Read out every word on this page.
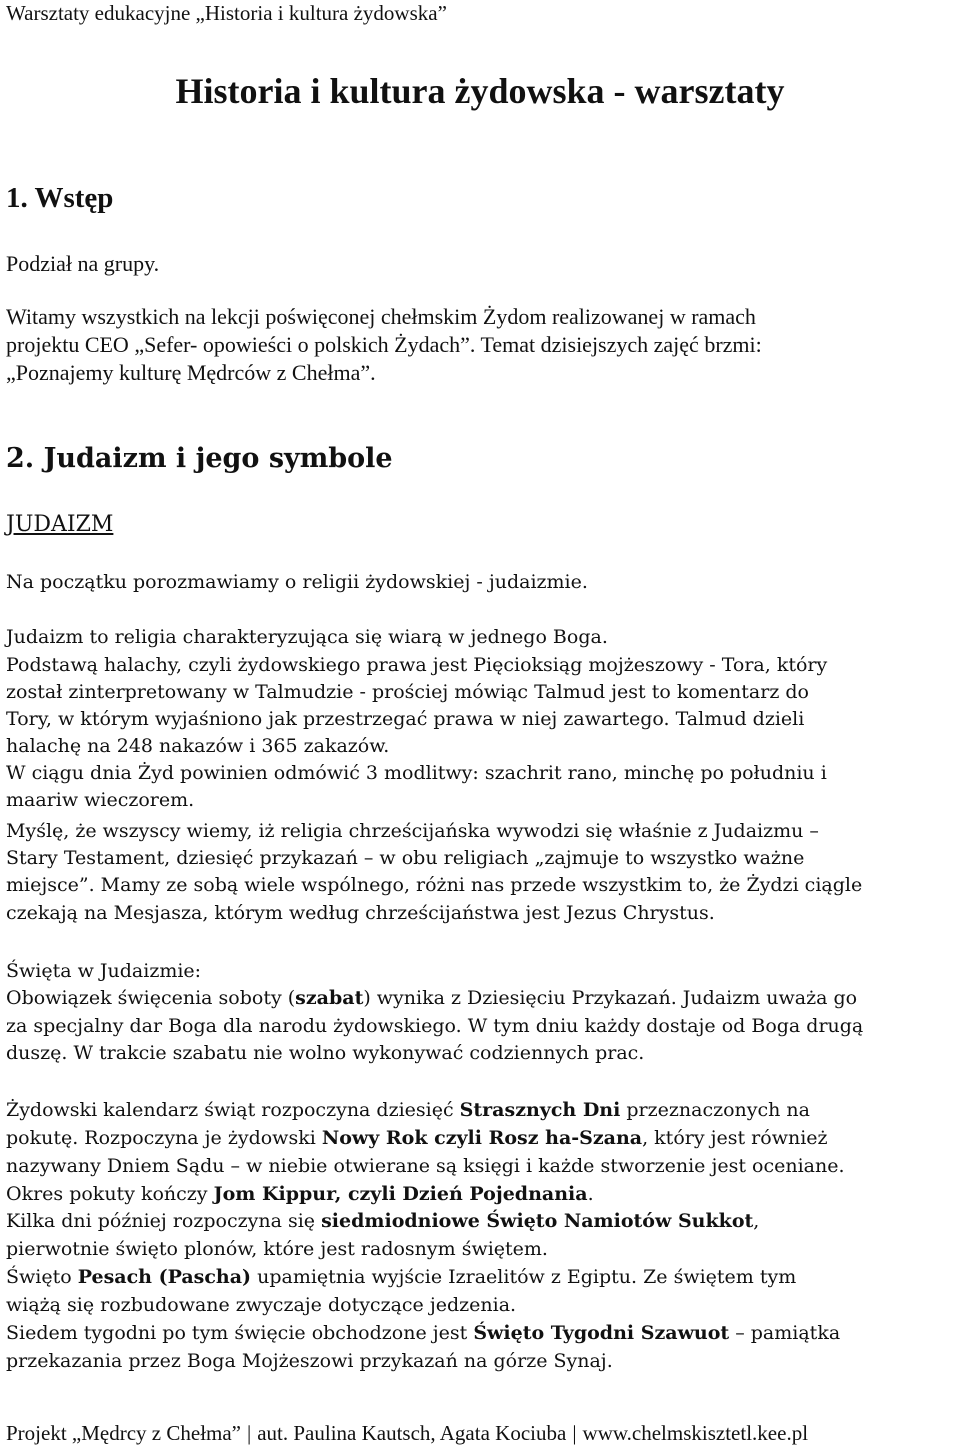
Warsztaty edukacyjne „Historia i kultura żydowska”
Historia i kultura żydowska - warsztaty
1. Wstęp
Podział na grupy.
Witamy wszystkich na lekcji poświęconej chełmskim Żydom realizowanej w ramach
projektu CEO „Sefer- opowieści o polskich Żydach”. Temat dzisiejszych zajęć brzmi:
„Poznajemy kulturę Mędrców z Chełma”.
2. Judaizm i jego symbole
JUDAIZM
Na początku porozmawiamy o religii żydowskiej - judaizmie.
Judaizm to religia charakteryzująca się wiarą w jednego Boga.
Podstawą halachy, czyli żydowskiego prawa jest Pięcioksiąg mojżeszowy - Tora, który
został zinterpretowany w Talmudzie - prościej mówiąc Talmud jest to komentarz do
Tory, w którym wyjaśniono jak przestrzegać prawa w niej zawartego. Talmud dzieli
halachę na 248 nakazów i 365 zakazów.
W ciągu dnia Żyd powinien odmówić 3 modlitwy: szachrit rano, minchę po południu i
maariw wieczorem.
Myślę, że wszyscy wiemy, iż religia chrześcijańska wywodzi się właśnie z Judaizmu –
Stary Testament, dziesięć przykazań – w obu religiach „zajmuje to wszystko ważne
miejsce”. Mamy ze sobą wiele wspólnego, różni nas przede wszystkim to, że Żydzi ciągle
czekają na Mesjasza, którym według chrześcijaństwa jest Jezus Chrystus.
Święta w Judaizmie:
Obowiązek święcenia soboty (szabat) wynika z Dziesięciu Przykazań. Judaizm uważa go
za specjalny dar Boga dla narodu żydowskiego. W tym dniu każdy dostaje od Boga drugą
duszę. W trakcie szabatu nie wolno wykonywać codziennych prac.
Żydowski kalendarz świąt rozpoczyna dziesięć Strasznych Dni przeznaczonych na
pokutę. Rozpoczyna je żydowski Nowy Rok czyli Rosz ha-Szana, który jest również
nazywany Dniem Sądu – w niebie otwierane są księgi i każde stworzenie jest oceniane.
Okres pokuty kończy Jom Kippur, czyli Dzień Pojednania.
Kilka dni później rozpoczyna się siedmiodniowe Święto Namiotów Sukkot,
pierwotnie święto plonów, które jest radosnym świętem.
Święto Pesach (Pascha) upamiętnia wyjście Izraelitów z Egiptu. Ze świętem tym
wiążą się rozbudowane zwyczaje dotyczące jedzenia.
Siedem tygodni po tym święcie obchodzone jest Święto Tygodni Szawuot – pamiątka
przekazania przez Boga Mojżeszowi przykazań na górze Synaj.
Projekt „Mędrcy z Chełma” | aut. Paulina Kautsch, Agata Kociuba | www.chelmskisztetl.kee.pl
